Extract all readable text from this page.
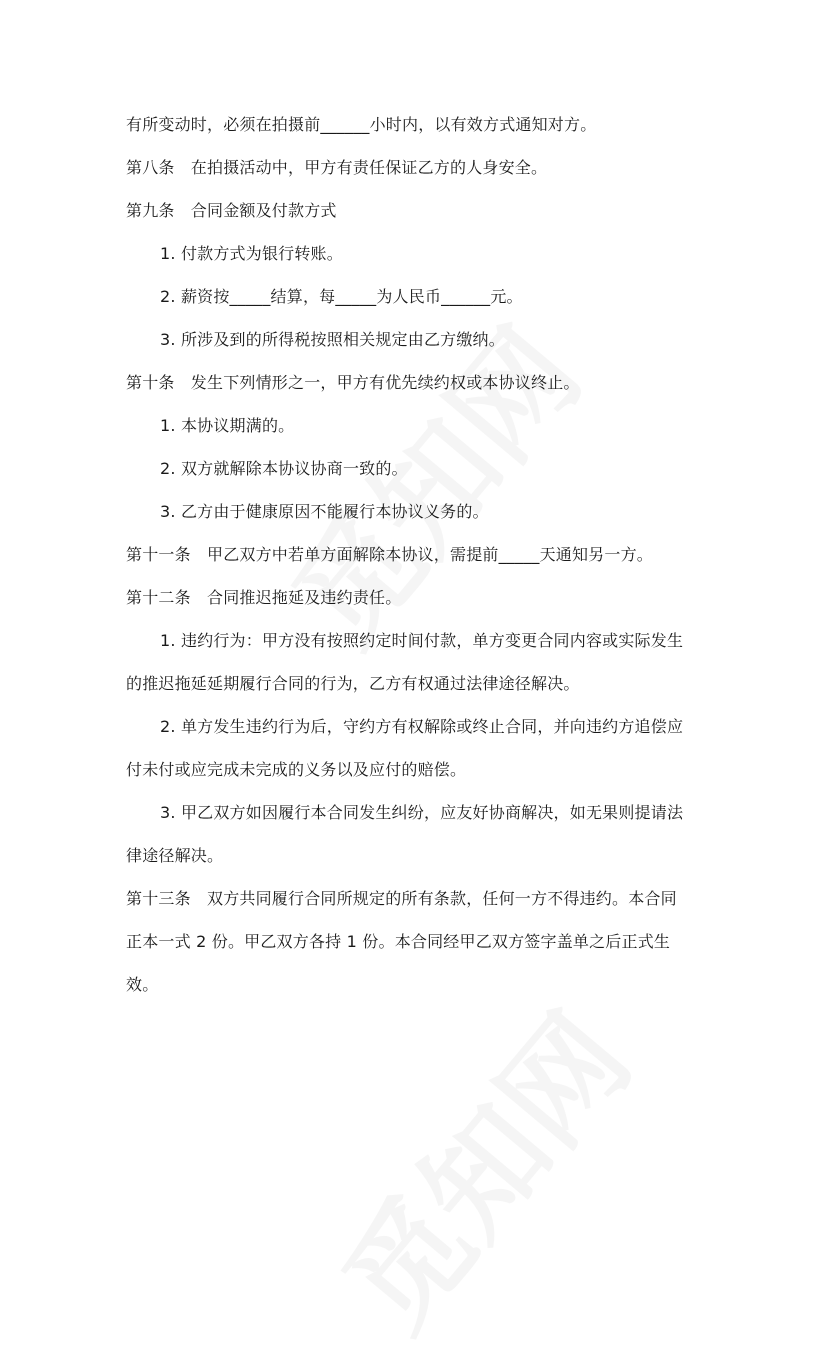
有所变动时，必须在拍摄前______小时内，以有效方式通知对方。
第八条　在拍摄活动中，甲方有责任保证乙方的人身安全。
第九条　合同金额及付款方式
1. 付款方式为银行转账。
2. 薪资按_____结算，每_____为人民币______元。
3. 所涉及到的所得税按照相关规定由乙方缴纳。
第十条　发生下列情形之一，甲方有优先续约权或本协议终止。
1. 本协议期满的。
2. 双方就解除本协议协商一致的。
3. 乙方由于健康原因不能履行本协议义务的。
第十一条　甲乙双方中若单方面解除本协议，需提前_____天通知另一方。
第十二条　合同推迟拖延及违约责任。
1. 违约行为：甲方没有按照约定时间付款，单方变更合同内容或实际发生
的推迟拖延延期履行合同的行为，乙方有权通过法律途径解决。
2. 单方发生违约行为后，守约方有权解除或终止合同，并向违约方追偿应
付未付或应完成未完成的义务以及应付的赔偿。
3. 甲乙双方如因履行本合同发生纠纷，应友好协商解决，如无果则提请法
律途径解决。
第十三条　双方共同履行合同所规定的所有条款，任何一方不得违约。本合同
正本一式 2 份。甲乙双方各持 1 份。本合同经甲乙双方签字盖单之后正式生
效。
